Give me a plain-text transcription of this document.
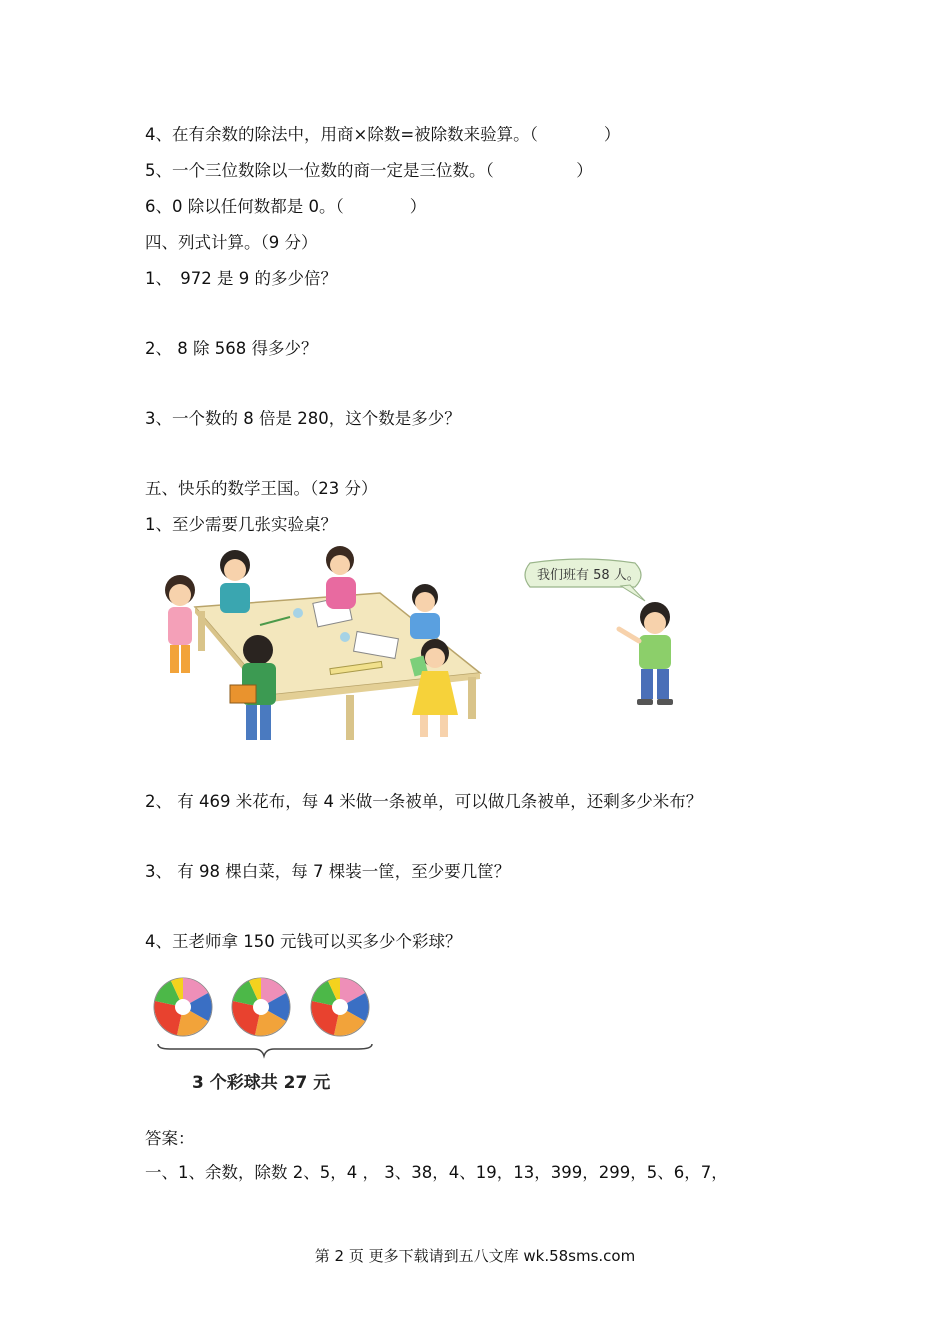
4、在有余数的除法中，用商×除数=被除数来验算。（　　　　）
5、一个三位数除以一位数的商一定是三位数。（　　　　　）
6、0 除以任何数都是 0。（　　　　）
四、列式计算。（9 分）
1、　972 是 9 的多少倍？
2、 8 除 568 得多少？
3、一个数的 8 倍是 280，这个数是多少？
五、快乐的数学王国。（23 分）
1、至少需要几张实验桌？
我们班有 58 人。
2、 有 469 米花布，每 4 米做一条被单，可以做几条被单，还剩多少米布？
3、 有 98 棵白菜，每 7 棵装一筐，至少要几筐？
4、王老师拿 150 元钱可以买多少个彩球？
3 个彩球共 27 元
答案：
一、1、余数，除数 2、5，4 ， 3、38，4、19，13，399，299，5、6，7，
第 2 页 更多下载请到五八文库 wk.58sms.com
